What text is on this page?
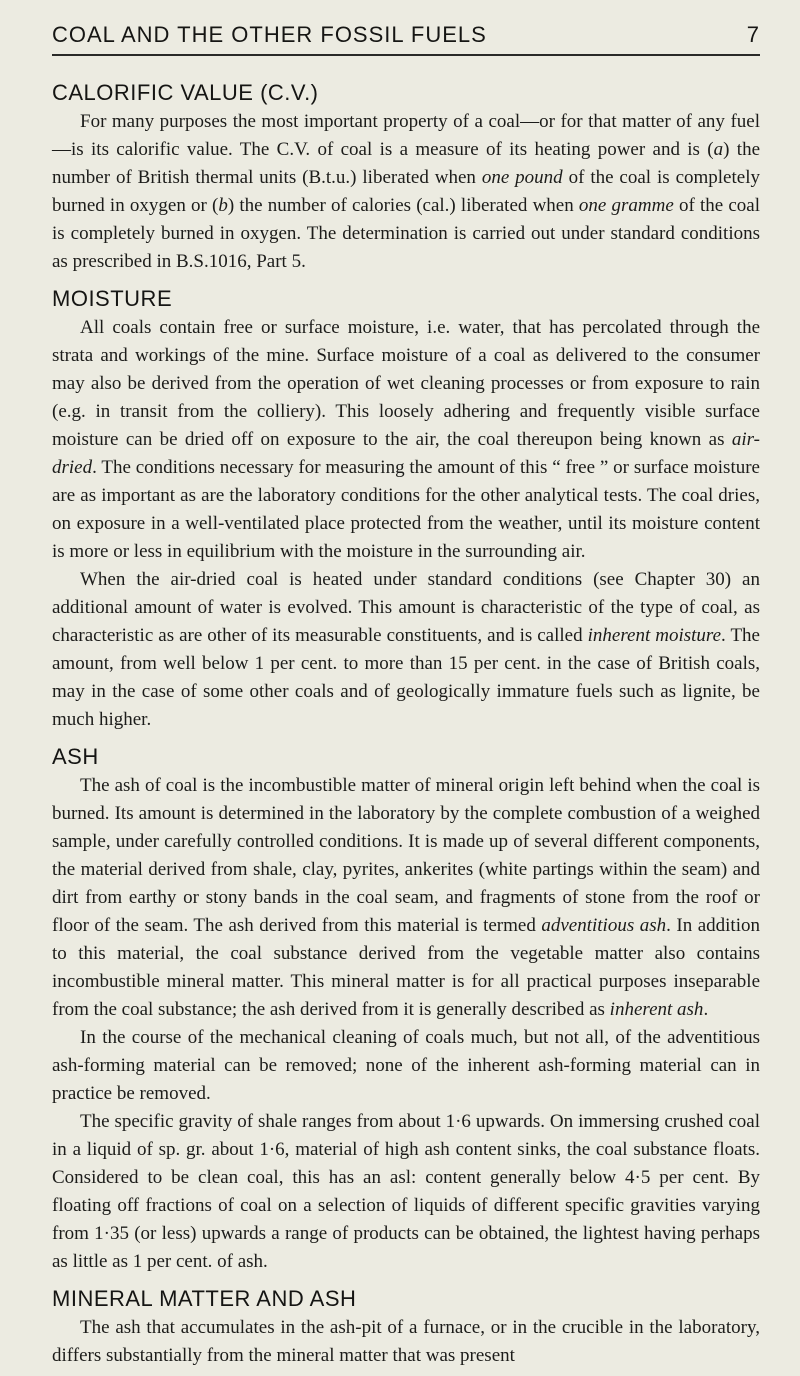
COAL AND THE OTHER FOSSIL FUELS	7
CALORIFIC VALUE (C.V.)

For many purposes the most important property of a coal—or for that matter of any fuel—is its calorific value. The C.V. of coal is a measure of its heating power and is (a) the number of British thermal units (B.t.u.) liberated when one pound of the coal is completely burned in oxygen or (b) the number of calories (cal.) liberated when one gramme of the coal is completely burned in oxygen. The determination is carried out under standard conditions as prescribed in B.S.1016, Part 5.

MOISTURE

All coals contain free or surface moisture, i.e. water, that has percolated through the strata and workings of the mine. Surface moisture of a coal as delivered to the consumer may also be derived from the operation of wet cleaning processes or from exposure to rain (e.g. in transit from the colliery). This loosely adhering and frequently visible surface moisture can be dried off on exposure to the air, the coal thereupon being known as air-dried. The conditions necessary for measuring the amount of this “ free ” or surface moisture are as important as are the laboratory conditions for the other analytical tests. The coal dries, on exposure in a well-ventilated place protected from the weather, until its moisture content is more or less in equilibrium with the moisture in the surrounding air.

When the air-dried coal is heated under standard conditions (see Chapter 30) an additional amount of water is evolved. This amount is characteristic of the type of coal, as characteristic as are other of its measurable constituents, and is called inherent moisture. The amount, from well below 1 per cent. to more than 15 per cent. in the case of British coals, may in the case of some other coals and of geologically immature fuels such as lignite, be much higher.

ASH

The ash of coal is the incombustible matter of mineral origin left behind when the coal is burned. Its amount is determined in the laboratory by the complete combustion of a weighed sample, under carefully controlled conditions. It is made up of several different components, the material derived from shale, clay, pyrites, ankerites (white partings within the seam) and dirt from earthy or stony bands in the coal seam, and fragments of stone from the roof or floor of the seam. The ash derived from this material is termed adventitious ash. In addition to this material, the coal substance derived from the vegetable matter also contains incombustible mineral matter. This mineral matter is for all practical purposes inseparable from the coal substance; the ash derived from it is generally described as inherent ash.

In the course of the mechanical cleaning of coals much, but not all, of the adventitious ash-forming material can be removed; none of the inherent ash-forming material can in practice be removed.

The specific gravity of shale ranges from about 1·6 upwards. On immersing crushed coal in a liquid of sp. gr. about 1·6, material of high ash content sinks, the coal substance floats. Considered to be clean coal, this has an asl: content generally below 4·5 per cent. By floating off fractions of coal on a selection of liquids of different specific gravities varying from 1·35 (or less) upwards a range of products can be obtained, the lightest having perhaps as little as 1 per cent. of ash.

MINERAL MATTER AND ASH

The ash that accumulates in the ash-pit of a furnace, or in the crucible in the laboratory, differs substantially from the mineral matter that was present
